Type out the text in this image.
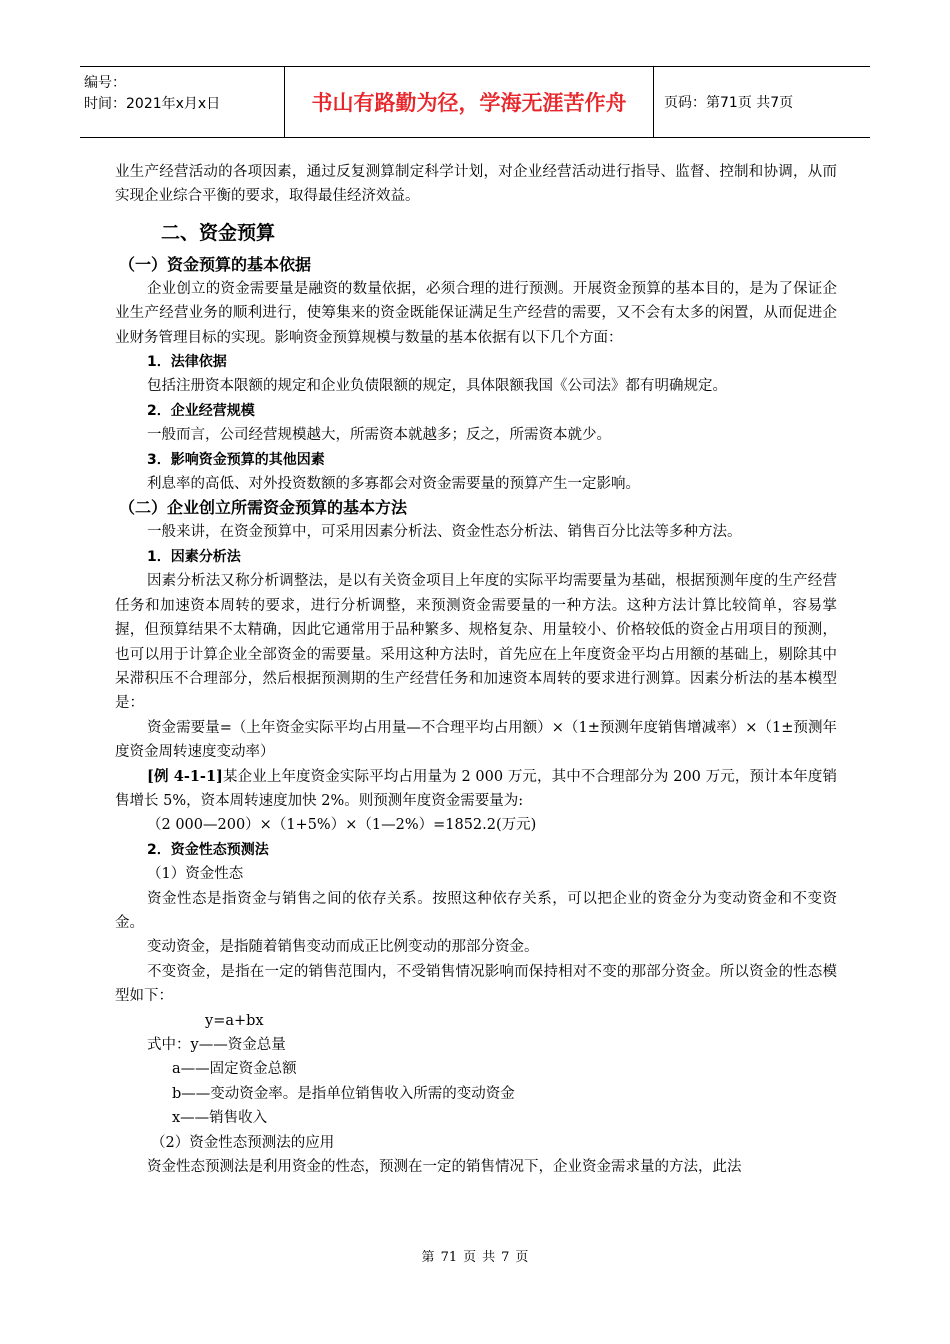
编号：
时间：2021年x月x日	书山有路勤为径，学海无涯苦作舟	页码：第71页 共7页

业生产经营活动的各项因素，通过反复测算制定科学计划，对企业经营活动进行指导、监督、控制和协调，从而实现企业综合平衡的要求，取得最佳经济效益。

二、资金预算

（一）资金预算的基本依据

企业创立的资金需要量是融资的数量依据，必须合理的进行预测。开展资金预算的基本目的，是为了保证企业生产经营业务的顺利进行，使筹集来的资金既能保证满足生产经营的需要，又不会有太多的闲置，从而促进企业财务管理目标的实现。影响资金预算规模与数量的基本依据有以下几个方面：

1．法律依据

包括注册资本限额的规定和企业负债限额的规定，具体限额我国《公司法》都有明确规定。

2．企业经营规模

一般而言，公司经营规模越大，所需资本就越多；反之，所需资本就少。

3．影响资金预算的其他因素

利息率的高低、对外投资数额的多寡都会对资金需要量的预算产生一定影响。

（二）企业创立所需资金预算的基本方法

一般来讲，在资金预算中，可采用因素分析法、资金性态分析法、销售百分比法等多种方法。

1．因素分析法

因素分析法又称分析调整法，是以有关资金项目上年度的实际平均需要量为基础，根据预测年度的生产经营任务和加速资本周转的要求，进行分析调整，来预测资金需要量的一种方法。这种方法计算比较简单，容易掌握，但预算结果不太精确，因此它通常用于品种繁多、规格复杂、用量较小、价格较低的资金占用项目的预测，也可以用于计算企业全部资金的需要量。采用这种方法时，首先应在上年度资金平均占用额的基础上，剔除其中呆滞积压不合理部分，然后根据预测期的生产经营任务和加速资本周转的要求进行测算。因素分析法的基本模型是：

资金需要量=（上年资金实际平均占用量—不合理平均占用额）×（1±预测年度销售增减率）×（1±预测年度资金周转速度变动率）

[例 4-1-1]某企业上年度资金实际平均占用量为 2 000 万元，其中不合理部分为 200 万元，预计本年度销售增长 5%，资本周转速度加快 2%。则预测年度资金需要量为:

（2 000—200）×（1+5%）×（1—2%）=1852.2(万元)

2．资金性态预测法

（1）资金性态

资金性态是指资金与销售之间的依存关系。按照这种依存关系，可以把企业的资金分为变动资金和不变资金。

变动资金，是指随着销售变动而成正比例变动的那部分资金。

不变资金，是指在一定的销售范围内，不受销售情况影响而保持相对不变的那部分资金。所以资金的性态模型如下：

y=a+bx

式中：y——资金总量

a——固定资金总额

b——变动资金率。是指单位销售收入所需的变动资金

x——销售收入

（2）资金性态预测法的应用

资金性态预测法是利用资金的性态，预测在一定的销售情况下，企业资金需求量的方法，此法

第 71 页 共 7 页
